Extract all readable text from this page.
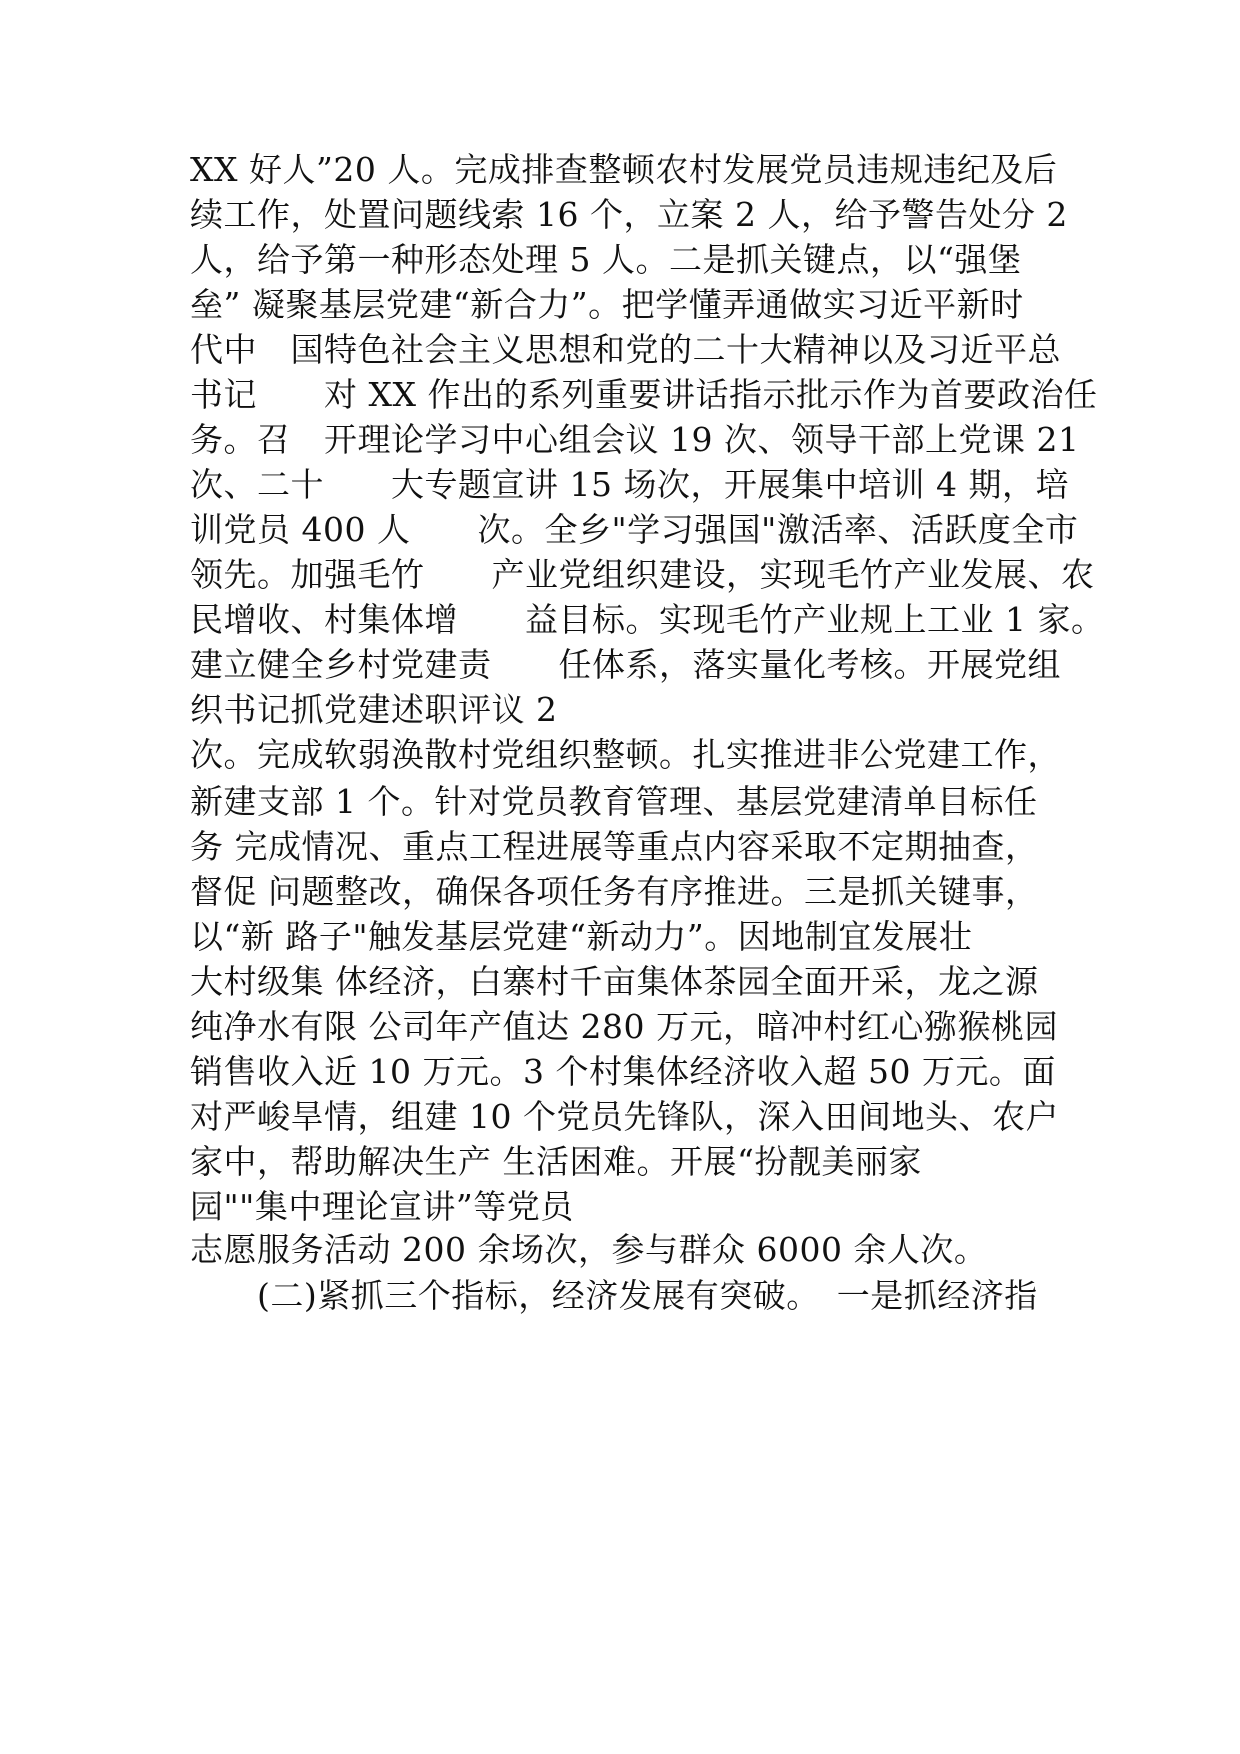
XX 好人”20 人。完成排查整顿农村发展党员违规违纪及后
续工作，处置问题线索 16 个，立案 2 人，给予警告处分 2
人，给予第一种形态处理 5 人。二是抓关键点，以“强堡
垒” 凝聚基层党建“新合力”。把学懂弄通做实习近平新时
代中　国特色社会主义思想和党的二十大精神以及习近平总
书记　　对 XX 作出的系列重要讲话指示批示作为首要政治任
务。召　开理论学习中心组会议 19 次、领导干部上党课 21
次、二十　　大专题宣讲 15 场次，开展集中培训 4 期，培
训党员 400 人　　次。全乡"学习强国"激活率、活跃度全市
领先。加强毛竹　　产业党组织建设，实现毛竹产业发展、农
民增收、村集体增　　益目标。实现毛竹产业规上工业 1 家。
建立健全乡村党建责　　任体系，落实量化考核。开展党组
织书记抓党建述职评议 2
次。完成软弱涣散村党组织整顿。扎实推进非公党建工作，
新建支部 1 个。针对党员教育管理、基层党建清单目标任
务 完成情况、重点工程进展等重点内容采取不定期抽查，
督促 问题整改，确保各项任务有序推进。三是抓关键事，
以“新 路子"触发基层党建“新动力”。因地制宜发展壮
大村级集 体经济，白寨村千亩集体茶园全面开采，龙之源
纯净水有限 公司年产值达 280 万元，暗冲村红心猕猴桃园
销售收入近 10 万元。3 个村集体经济收入超 50 万元。面
对严峻旱情，组建 10 个党员先锋队，深入田间地头、农户
家中，帮助解决生产 生活困难。开展“扮靓美丽家
园""集中理论宣讲”等党员
志愿服务活动 200 余场次，参与群众 6000 余人次。
　　(二)紧抓三个指标，经济发展有突破。　一是抓经济指
